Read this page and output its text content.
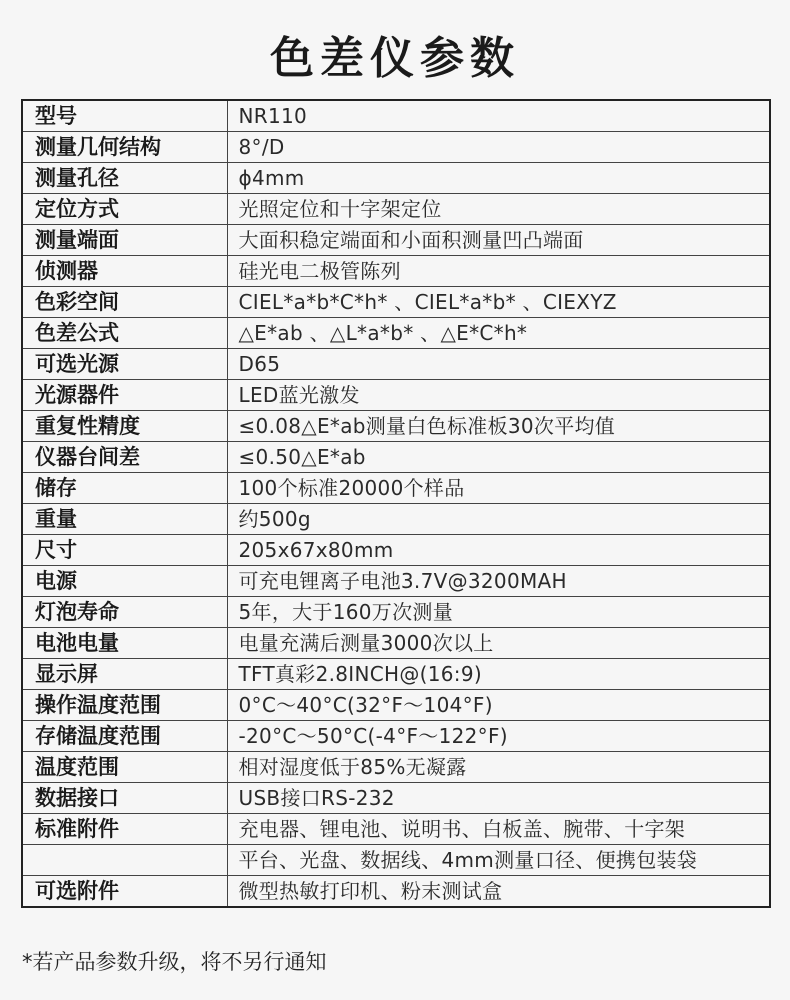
色差仪参数
型号	NR110
测量几何结构	8°/D
测量孔径	ϕ4mm
定位方式	光照定位和十字架定位
测量端面	大面积稳定端面和小面积测量凹凸端面
侦测器	硅光电二极管陈列
色彩空间	CIEL*a*b*C*h* 、CIEL*a*b* 、CIEXYZ
色差公式	△E*ab 、△L*a*b* 、△E*C*h*
可选光源	D65
光源器件	LED蓝光激发
重复性精度	≤0.08△E*ab测量白色标准板30次平均值
仪器台间差	≤0.50△E*ab
储存	100个标准20000个样品
重量	约500g
尺寸	205x67x80mm
电源	可充电锂离子电池3.7V@3200MAH
灯泡寿命	5年，大于160万次测量
电池电量	电量充满后测量3000次以上
显示屏	TFT真彩2.8INCH@(16:9)
操作温度范围	0°C～40°C(32°F～104°F)
存储温度范围	-20°C～50°C(-4°F～122°F)
温度范围	相对湿度低于85%无凝露
数据接口	USB接口RS-232
标准附件	充电器、锂电池、说明书、白板盖、腕带、十字架
	平台、光盘、数据线、4mm测量口径、便携包装袋
可选附件	微型热敏打印机、粉末测试盒
*若产品参数升级，将不另行通知
